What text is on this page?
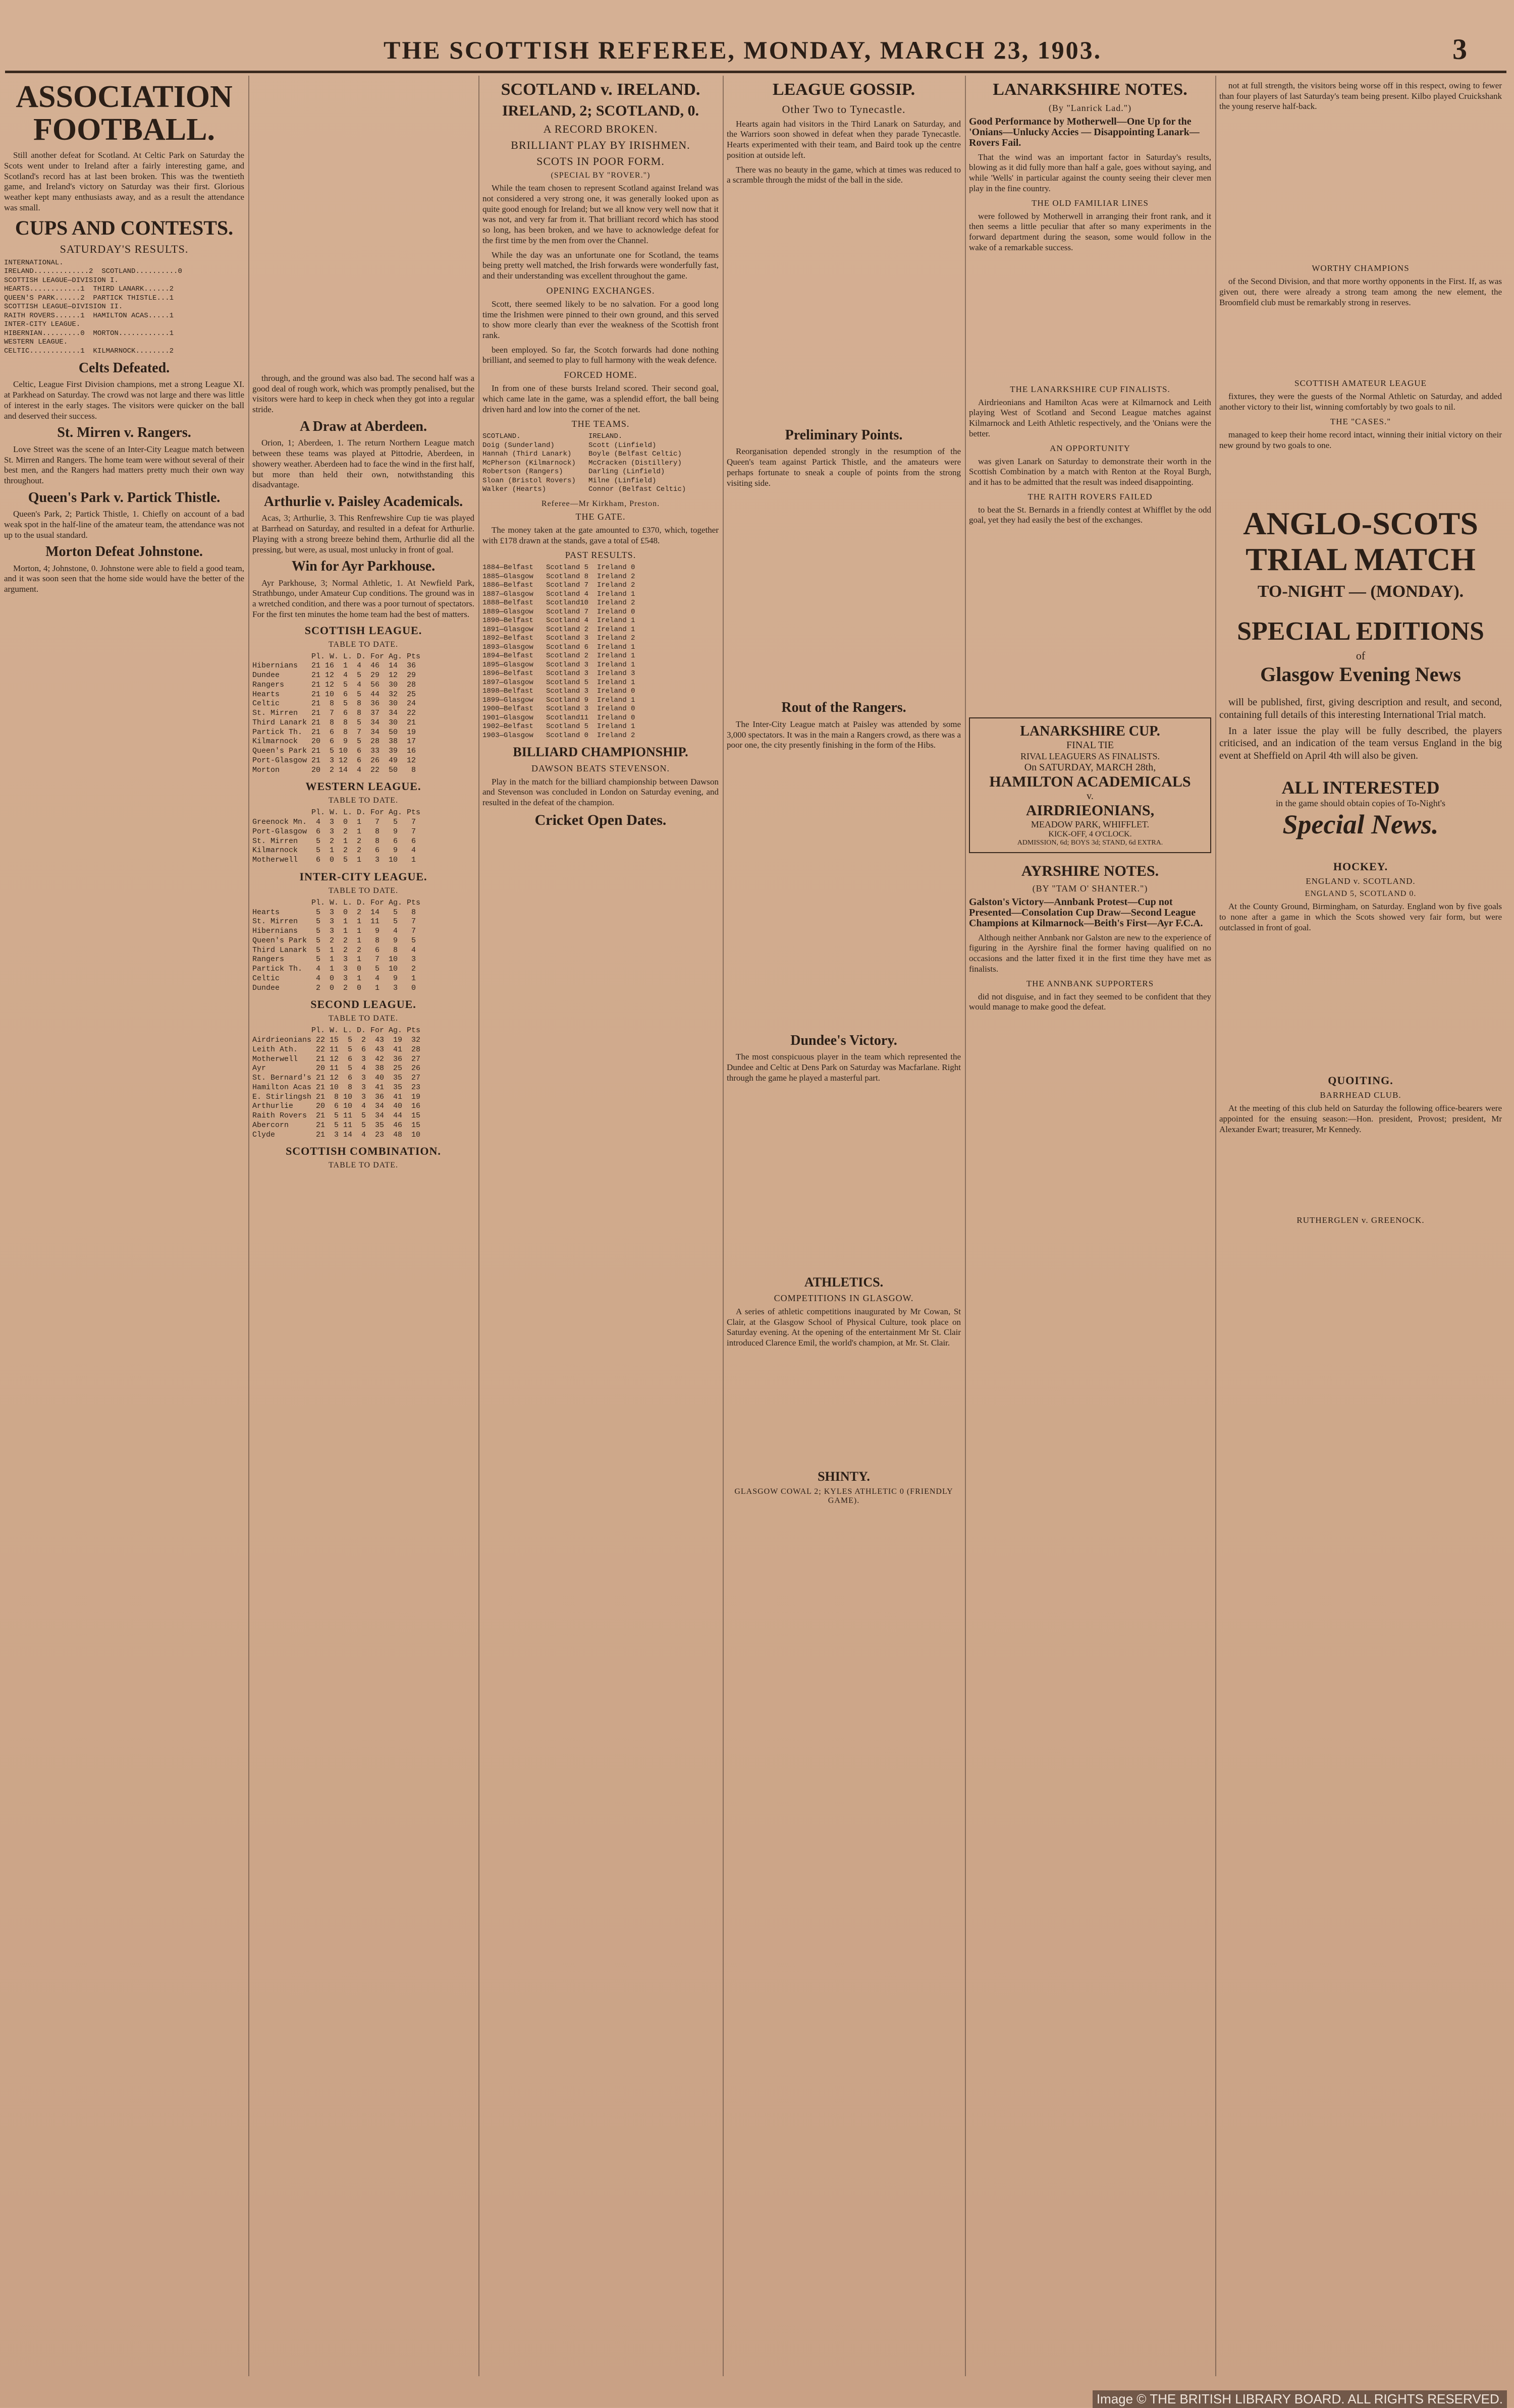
THE SCOTTISH REFEREE, MONDAY, MARCH 23, 1903.	3
ASSOCIATION FOOTBALL.
Still another defeat for Scotland. At Celtic Park on Saturday the Scots went under to Ireland after a fairly interesting game, and Scotland's record has at last been broken. This was the twentieth game, and Ireland's victory on Saturday was their first. Glorious weather kept many enthusiasts away, and as a result the attendance was small.
CUPS AND CONTESTS.
SATURDAY'S RESULTS.
INTERNATIONAL.
IRELAND.............2  SCOTLAND..........0
SCOTTISH LEAGUE—DIVISION I.
HEARTS............1  THIRD LANARK......2
QUEEN'S PARK......2  PARTICK THISTLE...1
SCOTTISH LEAGUE—DIVISION II.
RAITH ROVERS......1  HAMILTON ACAS.....1
INTER-CITY LEAGUE.
HIBERNIAN.........0  MORTON............1
WESTERN LEAGUE.
CELTIC............1  KILMARNOCK........2
Celts Defeated.
Celtic, League First Division champions, met a strong League XI. at Parkhead on Saturday. The crowd was not large and there was little of interest in the early stages. The visitors were quicker on the ball and deserved their success.
St. Mirren v. Rangers.
Love Street was the scene of an Inter-City League match between St. Mirren and Rangers. The home team were without several of their best men, and the Rangers had matters pretty much their own way throughout.
Queen's Park v. Partick Thistle.
Queen's Park, 2; Partick Thistle, 1. Chiefly on account of a bad weak spot in the half-line of the amateur team, the attendance was not up to the usual standard.
Morton Defeat Johnstone.
Morton, 4; Johnstone, 0. Johnstone were able to field a good team, and it was soon seen that the home side would have the better of the argument.
through, and the ground was also bad. The second half was a good deal of rough work, which was promptly penalised, but the visitors were hard to keep in check when they got into a regular stride.
A Draw at Aberdeen.
Orion, 1; Aberdeen, 1. The return Northern League match between these teams was played at Pittodrie, Aberdeen, in showery weather. Aberdeen had to face the wind in the first half, but more than held their own, notwithstanding this disadvantage.
Arthurlie v. Paisley Academicals.
Acas, 3; Arthurlie, 3. This Renfrewshire Cup tie was played at Barrhead on Saturday, and resulted in a defeat for Arthurlie. Playing with a strong breeze behind them, Arthurlie did all the pressing, but were, as usual, most unlucky in front of goal.
Win for Ayr Parkhouse.
Ayr Parkhouse, 3; Normal Athletic, 1. At Newfield Park, Strathbungo, under Amateur Cup conditions. The ground was in a wretched condition, and there was a poor turnout of spectators. For the first ten minutes the home team had the best of matters.
SCOTTISH LEAGUE.
TABLE TO DATE.
Pl. W. L. D. For Ag. Pts
Hibernians   21 16  1  4  46  14  36
Dundee       21 12  4  5  29  12  29
Rangers      21 12  5  4  56  30  28
Hearts       21 10  6  5  44  32  25
Celtic       21  8  5  8  36  30  24
St. Mirren   21  7  6  8  37  34  22
Third Lanark 21  8  8  5  34  30  21
Partick Th.  21  6  8  7  34  50  19
Kilmarnock   20  6  9  5  28  38  17
Queen's Park 21  5 10  6  33  39  16
Port-Glasgow 21  3 12  6  26  49  12
Morton       20  2 14  4  22  50   8
WESTERN LEAGUE.
TABLE TO DATE.
Pl. W. L. D. For Ag. Pts
Greenock Mn.  4  3  0  1   7   5   7
Port-Glasgow  6  3  2  1   8   9   7
St. Mirren    5  2  1  2   8   6   6
Kilmarnock    5  1  2  2   6   9   4
Motherwell    6  0  5  1   3  10   1
INTER-CITY LEAGUE.
TABLE TO DATE.
Pl. W. L. D. For Ag. Pts
Hearts        5  3  0  2  14   5   8
St. Mirren    5  3  1  1  11   5   7
Hibernians    5  3  1  1   9   4   7
Queen's Park  5  2  2  1   8   9   5
Third Lanark  5  1  2  2   6   8   4
Rangers       5  1  3  1   7  10   3
Partick Th.   4  1  3  0   5  10   2
Celtic        4  0  3  1   4   9   1
Dundee        2  0  2  0   1   3   0
SECOND LEAGUE.
TABLE TO DATE.
Pl. W. L. D. For Ag. Pts
Airdrieonians 22 15  5  2  43  19  32
Leith Ath.    22 11  5  6  43  41  28
Motherwell    21 12  6  3  42  36  27
Ayr           20 11  5  4  38  25  26
St. Bernard's 21 12  6  3  40  35  27
Hamilton Acas 21 10  8  3  41  35  23
E. Stirlingsh 21  8 10  3  36  41  19
Arthurlie     20  6 10  4  34  40  16
Raith Rovers  21  5 11  5  34  44  15
Abercorn      21  5 11  5  35  46  15
Clyde         21  3 14  4  23  48  10
SCOTTISH COMBINATION.
TABLE TO DATE.
SCOTLAND v. IRELAND.
IRELAND, 2; SCOTLAND, 0.
A RECORD BROKEN.
BRILLIANT PLAY BY IRISHMEN.
SCOTS IN POOR FORM.
(SPECIAL BY "ROVER.")
While the team chosen to represent Scotland against Ireland was not considered a very strong one, it was generally looked upon as quite good enough for Ireland; but we all know very well now that it was not, and very far from it. That brilliant record which has stood so long, has been broken, and we have to acknowledge defeat for the first time by the men from over the Channel.
While the day was an unfortunate one for Scotland, the teams being pretty well matched, the Irish forwards were wonderfully fast, and their understanding was excellent throughout the game.
OPENING EXCHANGES.
Scott, there seemed likely to be no salvation. For a good long time the Irishmen were pinned to their own ground, and this served to show more clearly than ever the weakness of the Scottish front rank.
been employed. So far, the Scotch forwards had done nothing brilliant, and seemed to play to full harmony with the weak defence.
FORCED HOME.
In from one of these bursts Ireland scored. Their second goal, which came late in the game, was a splendid effort, the ball being driven hard and low into the corner of the net.
THE TEAMS.
SCOTLAND.                IRELAND.
Doig (Sunderland)        Scott (Linfield)
Hannah (Third Lanark)    Boyle (Belfast Celtic)
McPherson (Kilmarnock)   McCracken (Distillery)
Robertson (Rangers)      Darling (Linfield)
Sloan (Bristol Rovers)   Milne (Linfield)
Walker (Hearts)          Connor (Belfast Celtic)
Referee—Mr Kirkham, Preston.
THE GATE.
The money taken at the gate amounted to £370, which, together with £178 drawn at the stands, gave a total of £548.
PAST RESULTS.
1884—Belfast   Scotland 5  Ireland 0
1885—Glasgow   Scotland 8  Ireland 2
1886—Belfast   Scotland 7  Ireland 2
1887—Glasgow   Scotland 4  Ireland 1
1888—Belfast   Scotland10  Ireland 2
1889—Glasgow   Scotland 7  Ireland 0
1890—Belfast   Scotland 4  Ireland 1
1891—Glasgow   Scotland 2  Ireland 1
1892—Belfast   Scotland 3  Ireland 2
1893—Glasgow   Scotland 6  Ireland 1
1894—Belfast   Scotland 2  Ireland 1
1895—Glasgow   Scotland 3  Ireland 1
1896—Belfast   Scotland 3  Ireland 3
1897—Glasgow   Scotland 5  Ireland 1
1898—Belfast   Scotland 3  Ireland 0
1899—Glasgow   Scotland 9  Ireland 1
1900—Belfast   Scotland 3  Ireland 0
1901—Glasgow   Scotland11  Ireland 0
1902—Belfast   Scotland 5  Ireland 1
1903—Glasgow   Scotland 0  Ireland 2
BILLIARD CHAMPIONSHIP.
DAWSON BEATS STEVENSON.
Play in the match for the billiard championship between Dawson and Stevenson was concluded in London on Saturday evening, and resulted in the defeat of the champion.
Cricket Open Dates.
LEAGUE GOSSIP.
Other Two to Tynecastle.
Hearts again had visitors in the Third Lanark on Saturday, and the Warriors soon showed in defeat when they parade Tynecastle. Hearts experimented with their team, and Baird took up the centre position at outside left.
There was no beauty in the game, which at times was reduced to a scramble through the midst of the ball in the side.
Preliminary Points.
Reorganisation depended strongly in the resumption of the Queen's team against Partick Thistle, and the amateurs were perhaps fortunate to sneak a couple of points from the strong visiting side.
Rout of the Rangers.
The Inter-City League match at Paisley was attended by some 3,000 spectators. It was in the main a Rangers crowd, as there was a poor one, the city presently finishing in the form of the Hibs.
Dundee's Victory.
The most conspicuous player in the team which represented the Dundee and Celtic at Dens Park on Saturday was Macfarlane. Right through the game he played a masterful part.
ATHLETICS.
COMPETITIONS IN GLASGOW.
A series of athletic competitions inaugurated by Mr Cowan, St Clair, at the Glasgow School of Physical Culture, took place on Saturday evening. At the opening of the entertainment Mr St. Clair introduced Clarence Emil, the world's champion, at Mr. St. Clair.
SHINTY.
GLASGOW COWAL 2; KYLES ATHLETIC 0 (FRIENDLY GAME).
LANARKSHIRE NOTES.
(By "Lanrick Lad.")
Good Performance by Motherwell—One Up for the 'Onians—Unlucky Accies — Disappointing Lanark—Rovers Fail.
That the wind was an important factor in Saturday's results, blowing as it did fully more than half a gale, goes without saying, and while 'Wells' in particular against the county seeing their clever men play in the fine country.
THE OLD FAMILIAR LINES
were followed by Motherwell in arranging their front rank, and it then seems a little peculiar that after so many experiments in the forward department during the season, some would follow in the wake of a remarkable success.
THE LANARKSHIRE CUP FINALISTS.
Airdrieonians and Hamilton Acas were at Kilmarnock and Leith playing West of Scotland and Second League matches against Kilmarnock and Leith Athletic respectively, and the 'Onians were the better.
AN OPPORTUNITY
was given Lanark on Saturday to demonstrate their worth in the Scottish Combination by a match with Renton at the Royal Burgh, and it has to be admitted that the result was indeed disappointing.
THE RAITH ROVERS FAILED
to beat the St. Bernards in a friendly contest at Whifflet by the odd goal, yet they had easily the best of the exchanges.
LANARKSHIRE CUP.
FINAL TIE
RIVAL LEAGUERS AS FINALISTS.
On SATURDAY, MARCH 28th,
HAMILTON ACADEMICALS
v.
AIRDRIEONIANS,
MEADOW PARK, WHIFFLET.
KICK-OFF, 4 O'CLOCK.
ADMISSION, 6d; BOYS 3d; STAND, 6d EXTRA.
AYRSHIRE NOTES.
(BY "TAM O' SHANTER.")
Galston's Victory—Annbank Protest—Cup not Presented—Consolation Cup Draw—Second League Champions at Kilmarnock—Beith's First—Ayr F.C.A.
Although neither Annbank nor Galston are new to the experience of figuring in the Ayrshire final the former having qualified on no occasions and the latter fixed it in the first time they have met as finalists.
THE ANNBANK SUPPORTERS
did not disguise, and in fact they seemed to be confident that they would manage to make good the defeat.
not at full strength, the visitors being worse off in this respect, owing to fewer than four players of last Saturday's team being present. Kilbo played Cruickshank the young reserve half-back.
WORTHY CHAMPIONS
of the Second Division, and that more worthy opponents in the First. If, as was given out, there were already a strong team among the new element, the Broomfield club must be remarkably strong in reserves.
SCOTTISH AMATEUR LEAGUE
fixtures, they were the guests of the Normal Athletic on Saturday, and added another victory to their list, winning comfortably by two goals to nil.
THE "CASES."
managed to keep their home record intact, winning their initial victory on their new ground by two goals to one.
ANGLO-SCOTS
TRIAL MATCH
TO-NIGHT — (MONDAY).
SPECIAL EDITIONS
of
Glasgow Evening News
will be published, first, giving description and result, and second, containing full details of this interesting International Trial match.
In a later issue the play will be fully described, the players criticised, and an indication of the team versus England in the big event at Sheffield on April 4th will also be given.
ALL INTERESTED
in the game should obtain copies of To-Night's
Special News.
HOCKEY.
ENGLAND v. SCOTLAND.
ENGLAND 5, SCOTLAND 0.
At the County Ground, Birmingham, on Saturday. England won by five goals to none after a game in which the Scots showed very fair form, but were outclassed in front of goal.
QUOITING.
BARRHEAD CLUB.
At the meeting of this club held on Saturday the following office-bearers were appointed for the ensuing season:—Hon. president, Provost; president, Mr Alexander Ewart; treasurer, Mr Kennedy.
RUTHERGLEN v. GREENOCK.
Image © THE BRITISH LIBRARY BOARD. ALL RIGHTS RESERVED.
